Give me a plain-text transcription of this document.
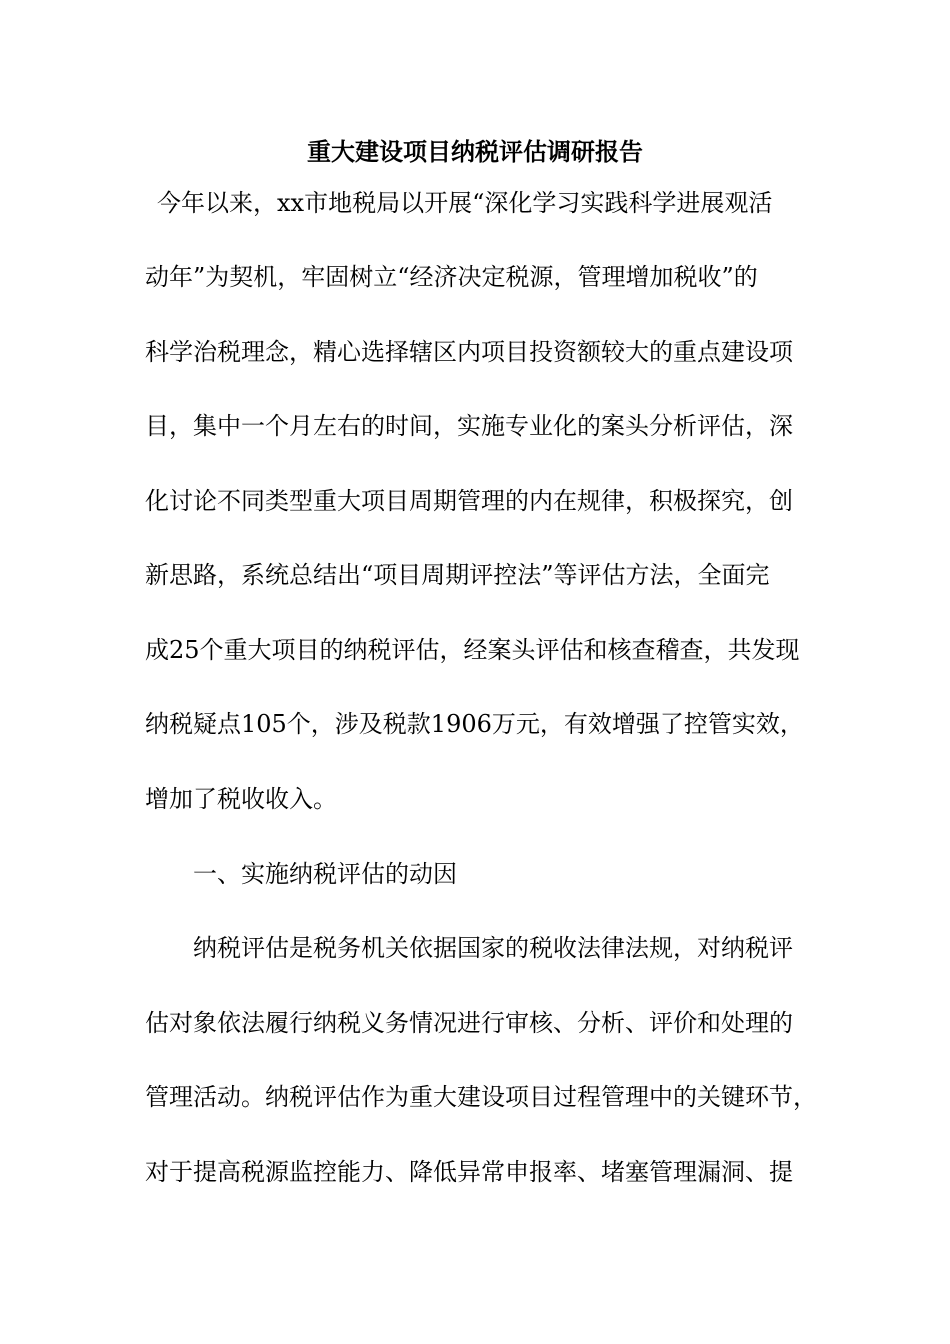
重大建设项目纳税评估调研报告
今年以来，xx市地税局以开展“深化学习实践科学进展观活
动年”为契机，牢固树立“经济决定税源，管理增加税收”的
科学治税理念，精心选择辖区内项目投资额较大的重点建设项
目，集中一个月左右的时间，实施专业化的案头分析评估，深
化讨论不同类型重大项目周期管理的内在规律，积极探究，创
新思路，系统总结出“项目周期评控法”等评估方法，全面完
成25个重大项目的纳税评估，经案头评估和核查稽查，共发现
纳税疑点105个，涉及税款1906万元，有效增强了控管实效，
增加了税收收入。
一、实施纳税评估的动因
纳税评估是税务机关依据国家的税收法律法规，对纳税评
估对象依法履行纳税义务情况进行审核、分析、评价和处理的
管理活动。纳税评估作为重大建设项目过程管理中的关键环节，
对于提高税源监控能力、降低异常申报率、堵塞管理漏洞、提
